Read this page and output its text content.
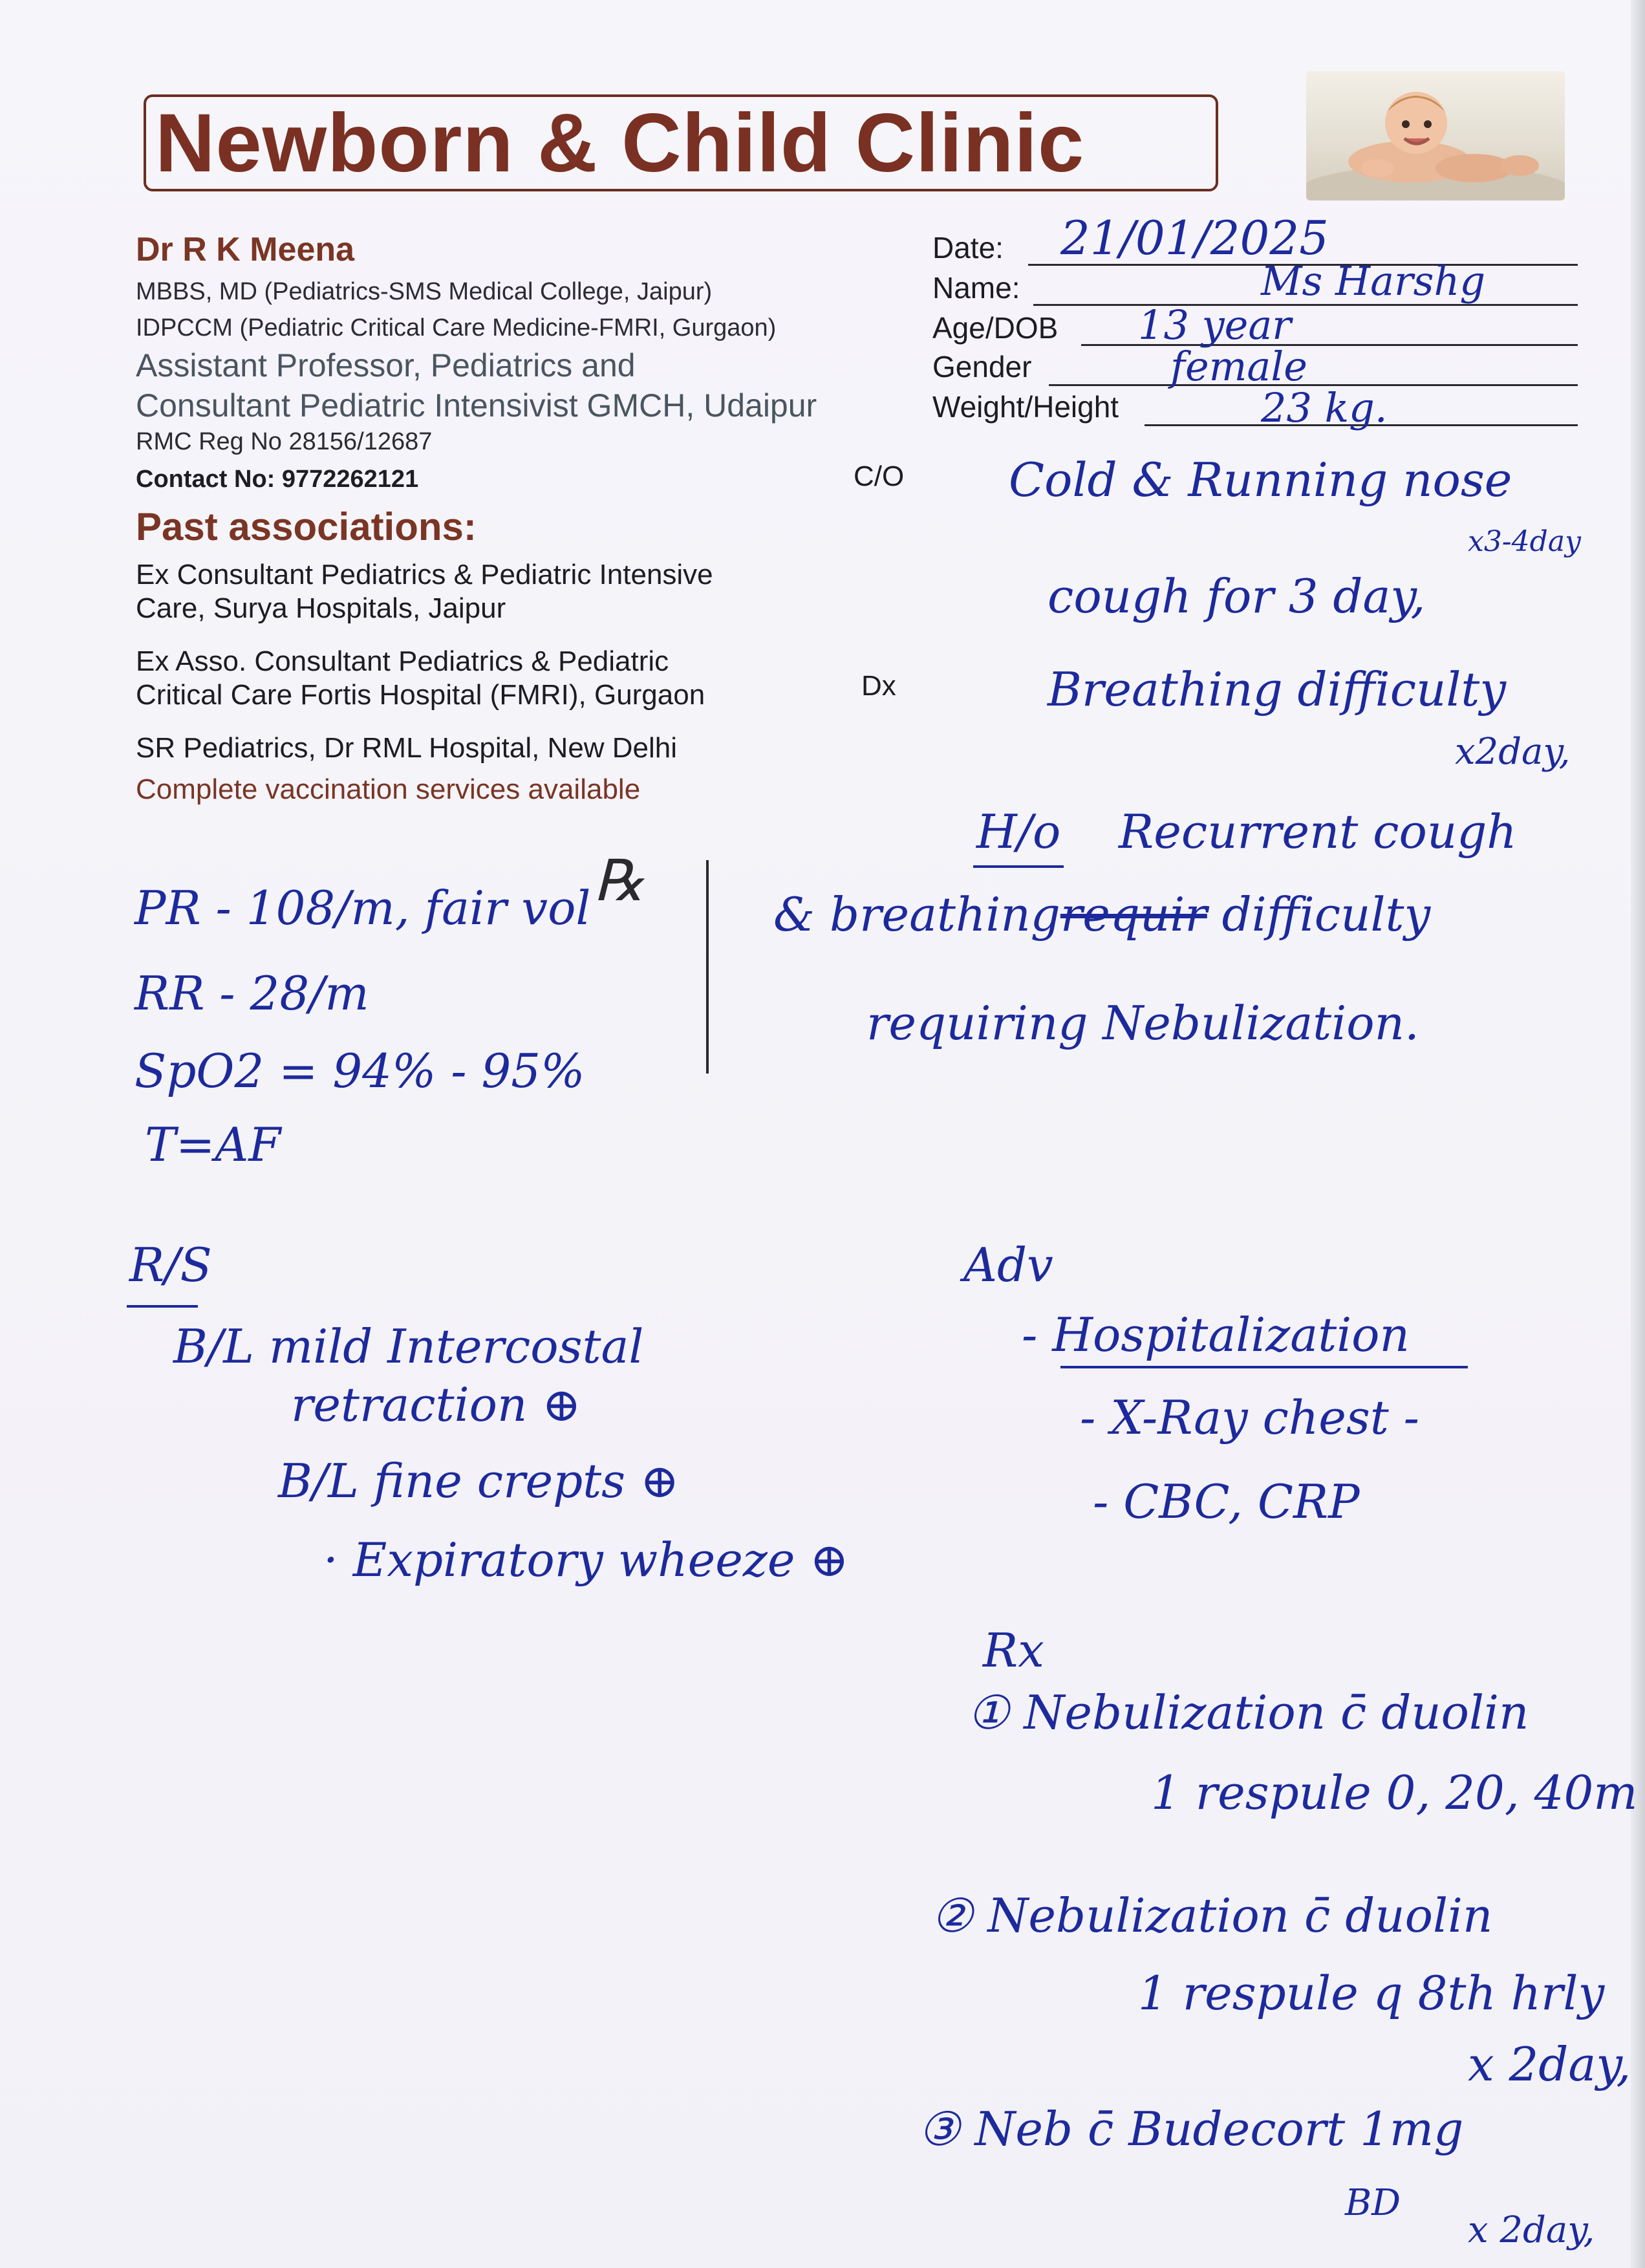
Newborn & Child Clinic
Dr R K Meena
MBBS, MD (Pediatrics-SMS Medical College, Jaipur)
IDPCCM (Pediatric Critical Care Medicine-FMRI, Gurgaon)
Assistant Professor, Pediatrics and
Consultant Pediatric Intensivist GMCH, Udaipur
RMC Reg No 28156/12687
Contact No: 9772262121
Past associations:
Ex Consultant Pediatrics & Pediatric Intensive
Care, Surya Hospitals, Jaipur
Ex Asso. Consultant Pediatrics & Pediatric
Critical Care Fortis Hospital (FMRI), Gurgaon
SR Pediatrics, Dr RML Hospital, New Delhi
Complete vaccination services available
C/O
Dx
Date:
Name:
Age/DOB
Gender
Weight/Height
21/01/2025
Ms Harshg
13 year
female
23 kg.
Cold & Running nose
x3-4day
cough for 3 day,
Breathing difficulty
x2day,
H/o Recurrent cough
& breathingrequir difficulty
requiring Nebulization.
℞
PR - 108/m, fair vol
RR - 28/m
SpO2 = 94% - 95%
T=AF
R/S
B/L mild Intercostal
retraction ⊕
B/L fine crepts ⊕
· Expiratory wheeze ⊕
Adv
- Hospitalization
- X-Ray chest -
- CBC, CRP
Rx
① Nebulization c̄ duolin
1 respule 0, 20, 40m
② Nebulization c̄ duolin
1 respule q 8th hrly
x 2day,
③ Neb c̄ Budecort 1mg
BD
x 2day,
